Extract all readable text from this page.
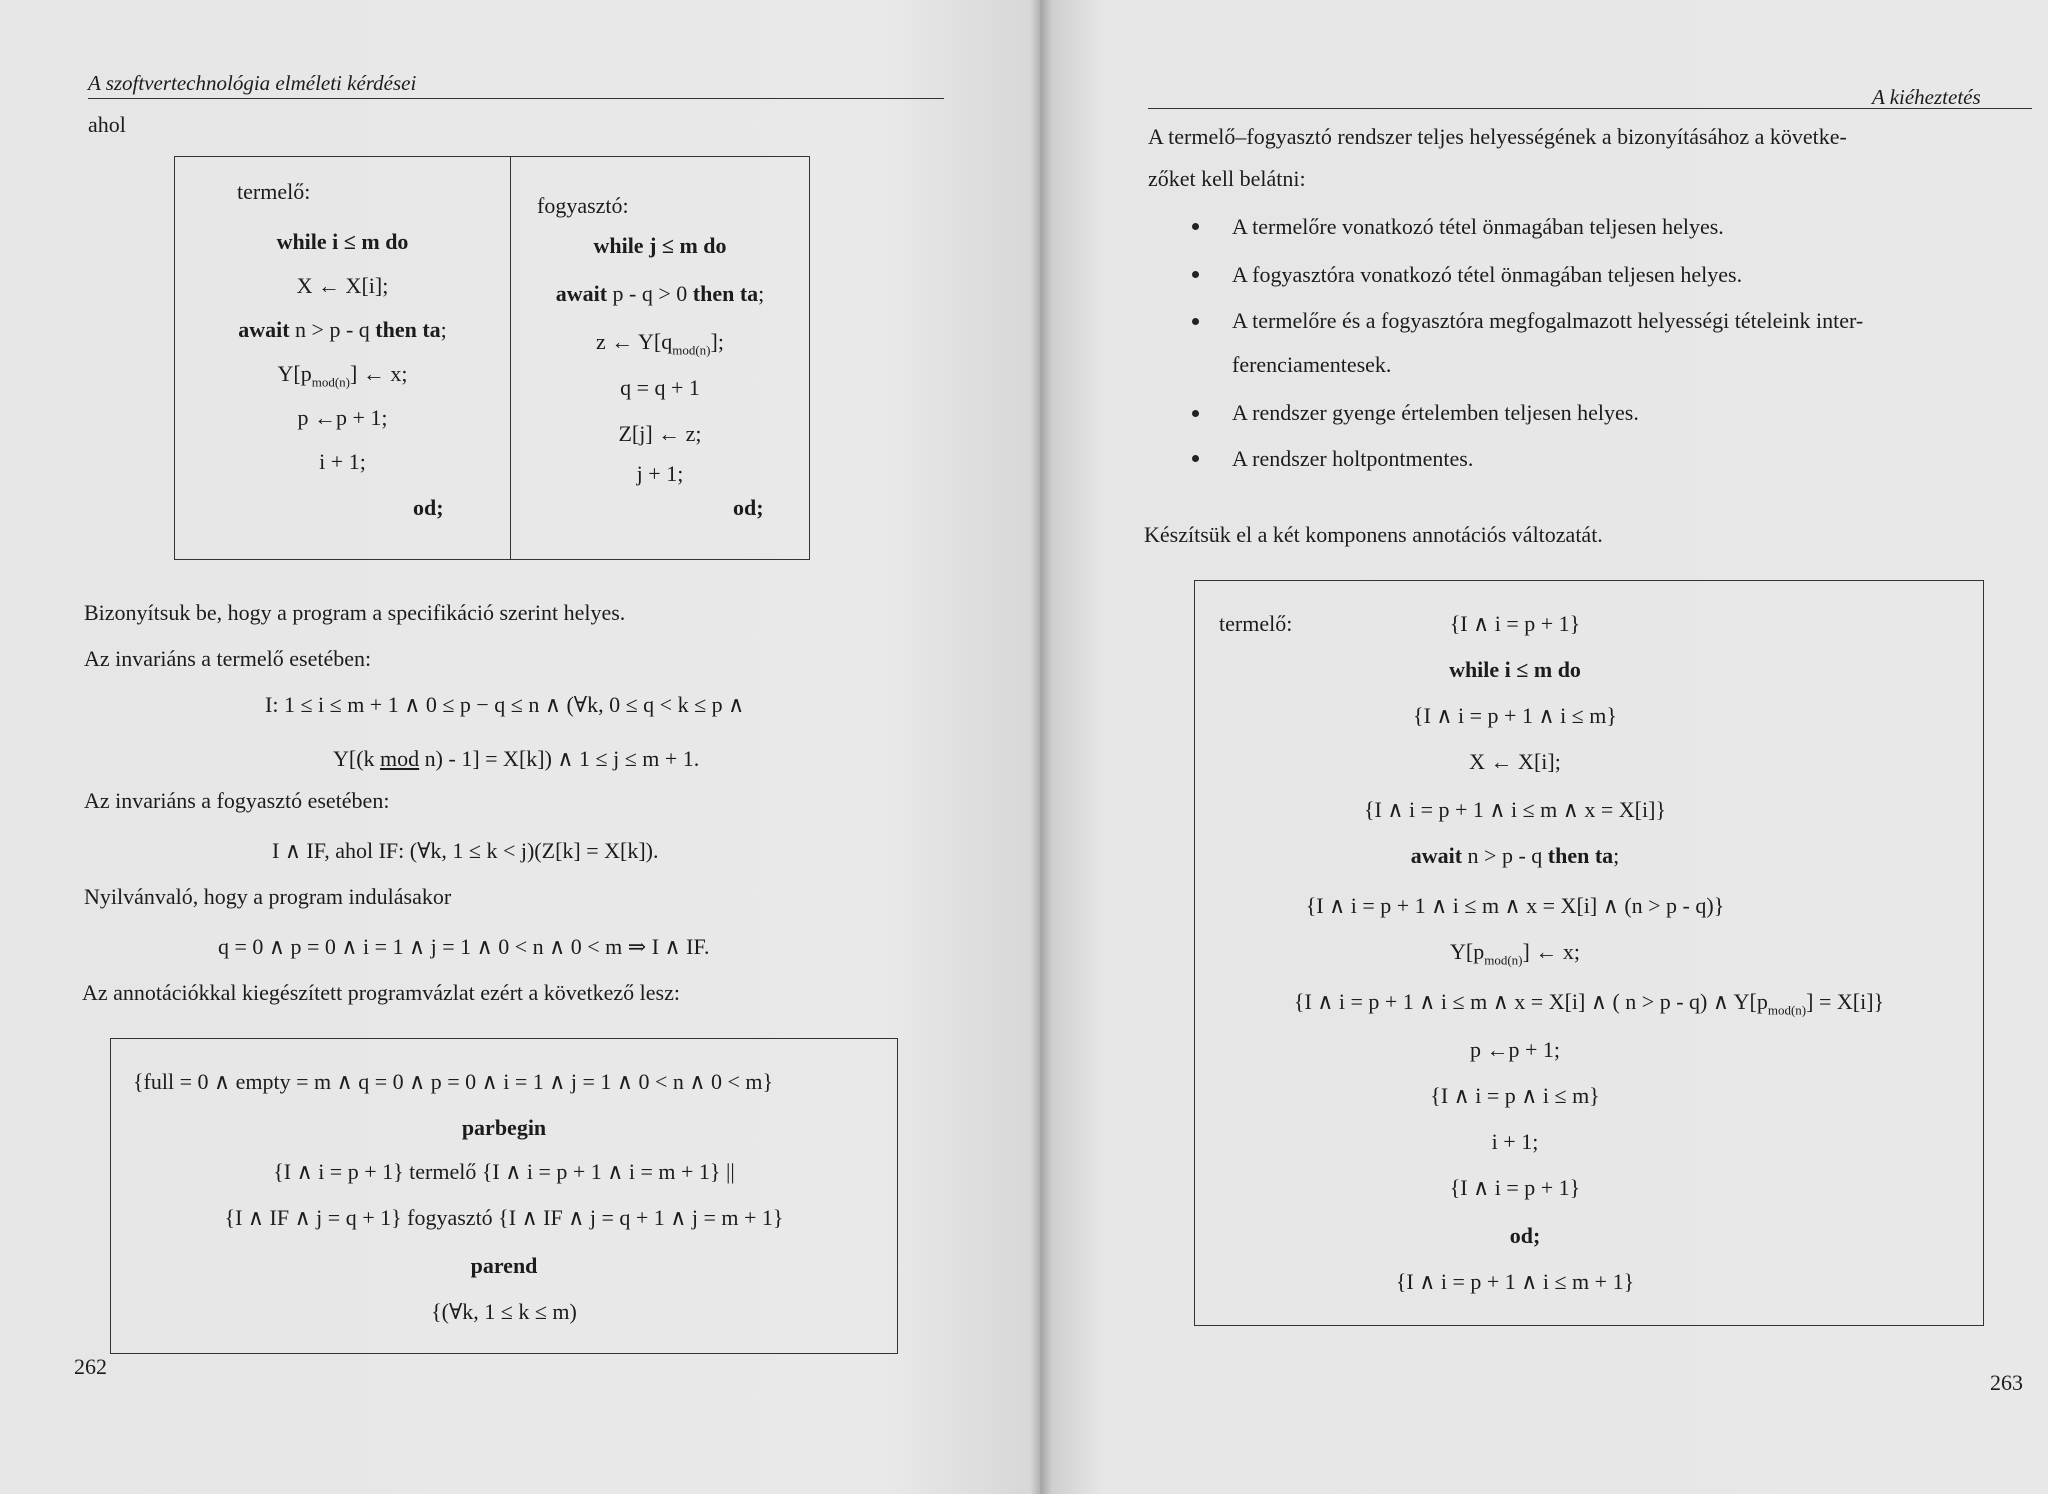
A szoftvertechnológia elméleti kérdései
ahol
termelő:
while i ≤ m do
X ← X[i];
await n > p - q then ta;
$Y[p_{mod(n)}]$ ← x;
p ←p + 1;
i + 1;
od;
fogyasztó:
while j ≤ m do
await p - q > 0 then ta;
z ← $Y[q_{mod(n)}]$;
q = q + 1
Z[j] ← z;
j + 1;
od;
Bizonyítsuk be, hogy a program a specifikáció szerint helyes.
Az invariáns a termelő esetében:
I: 1 ≤ i ≤ m + 1 ∧ 0 ≤ p − q ≤ n ∧ (∀k, 0 ≤ q < k ≤ p ∧
Y[(k mod n) - 1] = X[k]) ∧ 1 ≤ j ≤ m + 1.
Az invariáns a fogyasztó esetében:
I ∧ IF, ahol IF: (∀k, 1 ≤ k < j)(Z[k] = X[k]).
Nyilvánvaló, hogy a program indulásakor
q = 0 ∧ p = 0 ∧ i = 1 ∧ j = 1 ∧ 0 < n ∧ 0 < m ⇒ I ∧ IF.
Az annotációkkal kiegészített programvázlat ezért a következő lesz:
{full = 0 ∧ empty = m ∧ q = 0 ∧ p = 0 ∧ i = 1 ∧ j = 1 ∧ 0 < n ∧ 0 < m}
parbegin
{I ∧ i = p + 1} termelő {I ∧ i = p + 1 ∧ i = m + 1} ||
{I ∧ IF ∧ j = q + 1} fogyasztó {I ∧ IF ∧ j = q + 1 ∧ j = m + 1}
parend
{(∀k, 1 ≤ k ≤ m)
262
A kiéheztetés
A termelő–fogyasztó rendszer teljes helyességének a bizonyításához a követke-
zőket kell belátni:
A termelőre vonatkozó tétel önmagában teljesen helyes.
A fogyasztóra vonatkozó tétel önmagában teljesen helyes.
A termelőre és a fogyasztóra megfogalmazott helyességi tételeink inter-
ferenciamentesek.
A rendszer gyenge értelemben teljesen helyes.
A rendszer holtpontmentes.
Készítsük el a két komponens annotációs változatát.
termelő:	{I ∧ i = p + 1}
while i ≤ m do
{I ∧ i = p + 1 ∧ i ≤ m}
X ← X[i];
{I ∧ i = p + 1 ∧ i ≤ m ∧ x = X[i]}
await n > p - q then ta;
{I ∧ i = p + 1 ∧ i ≤ m ∧ x = X[i] ∧ (n > p - q)}
$Y[p_{mod(n)}]$ ← x;
{I ∧ i = p + 1 ∧ i ≤ m ∧ x = X[i] ∧ ( n > p - q) ∧ $Y[p_{mod(n)}] = X[i]$}
p ←p + 1;
{I ∧ i = p ∧ i ≤ m}
i + 1;
{I ∧ i = p + 1}
od;
{I ∧ i = p + 1 ∧ i ≤ m + 1}
263
